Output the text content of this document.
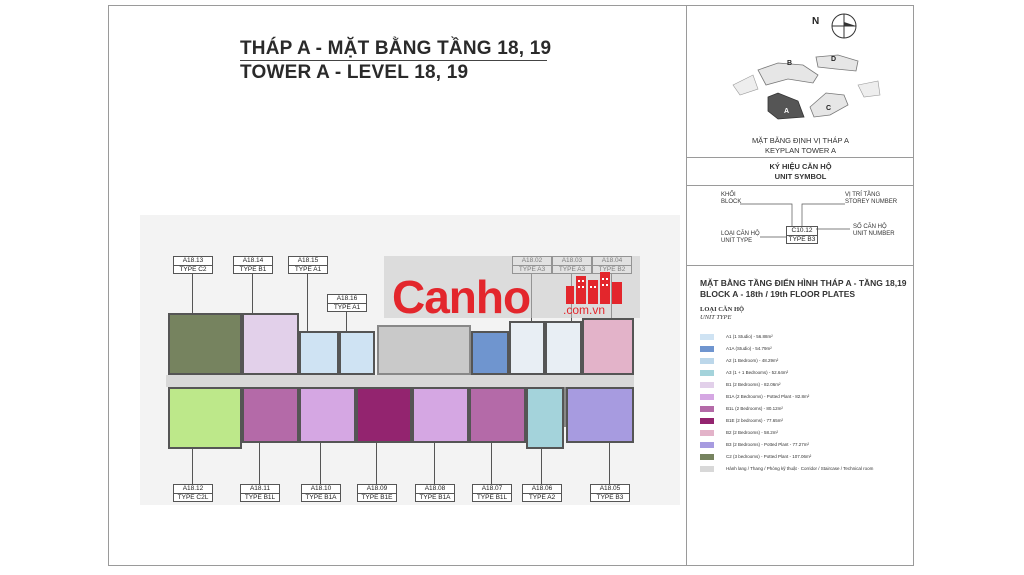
THÁP A - MẶT BẰNG TẦNG 18, 19
TOWER A - LEVEL 18, 19
A18.13
TYPE C2
A18.14
TYPE B1
A18.15
TYPE A1
A18.16
TYPE A1
A18.12
TYPE C2L
A18.11
TYPE B1L
A18.10
TYPE B1A
A18.09
TYPE B1E
A18.08
TYPE B1A
A18.07
TYPE B1L
A18.06
TYPE A2
A18.05
TYPE B3
Canho	.com.vn
N
B
D
A	C
MẶT BẰNG ĐỊNH VỊ THÁP A
KEYPLAN TOWER A
KÝ HIỆU CĂN HỘ
UNIT SYMBOL
KHỐI
BLOCK
VỊ TRÍ TẦNG
STOREY NUMBER
SỐ CĂN HỘ
UNIT NUMBER
LOẠI CĂN HỘ
UNIT TYPE
C10.12
TYPE B3
MẶT BẰNG TẦNG ĐIỂN HÌNH THÁP A - TẦNG 18,19
BLOCK A - 18th / 19th FLOOR PLATES
LOẠI CĂN HỘ
UNIT TYPE
A1 (1 Studio) - 56.88m²
A1A (Studio) - 54.79m²
A2 (1 Bedroom) - 48.29m²
A3 (1 + 1 Bedrooms) - 52.64m²
B1 (2 Bedrooms) - 82.06m²
B1A (2 Bedrooms) - Potted Plant - 82.8m²
B1L (2 Bedrooms) - 80.12m²
B1E (2 bedrooms) - 77.65m²
B2 (2 Bedrooms) - 58.2m²
B3 (2 Bedrooms) - Potted Plant - 77.27m²
C2 (3 bedrooms) - Potted Plant - 107.06m²
Hành lang / Thang / Phòng kỹ thuật · Corridor / Staircase / Technical room
